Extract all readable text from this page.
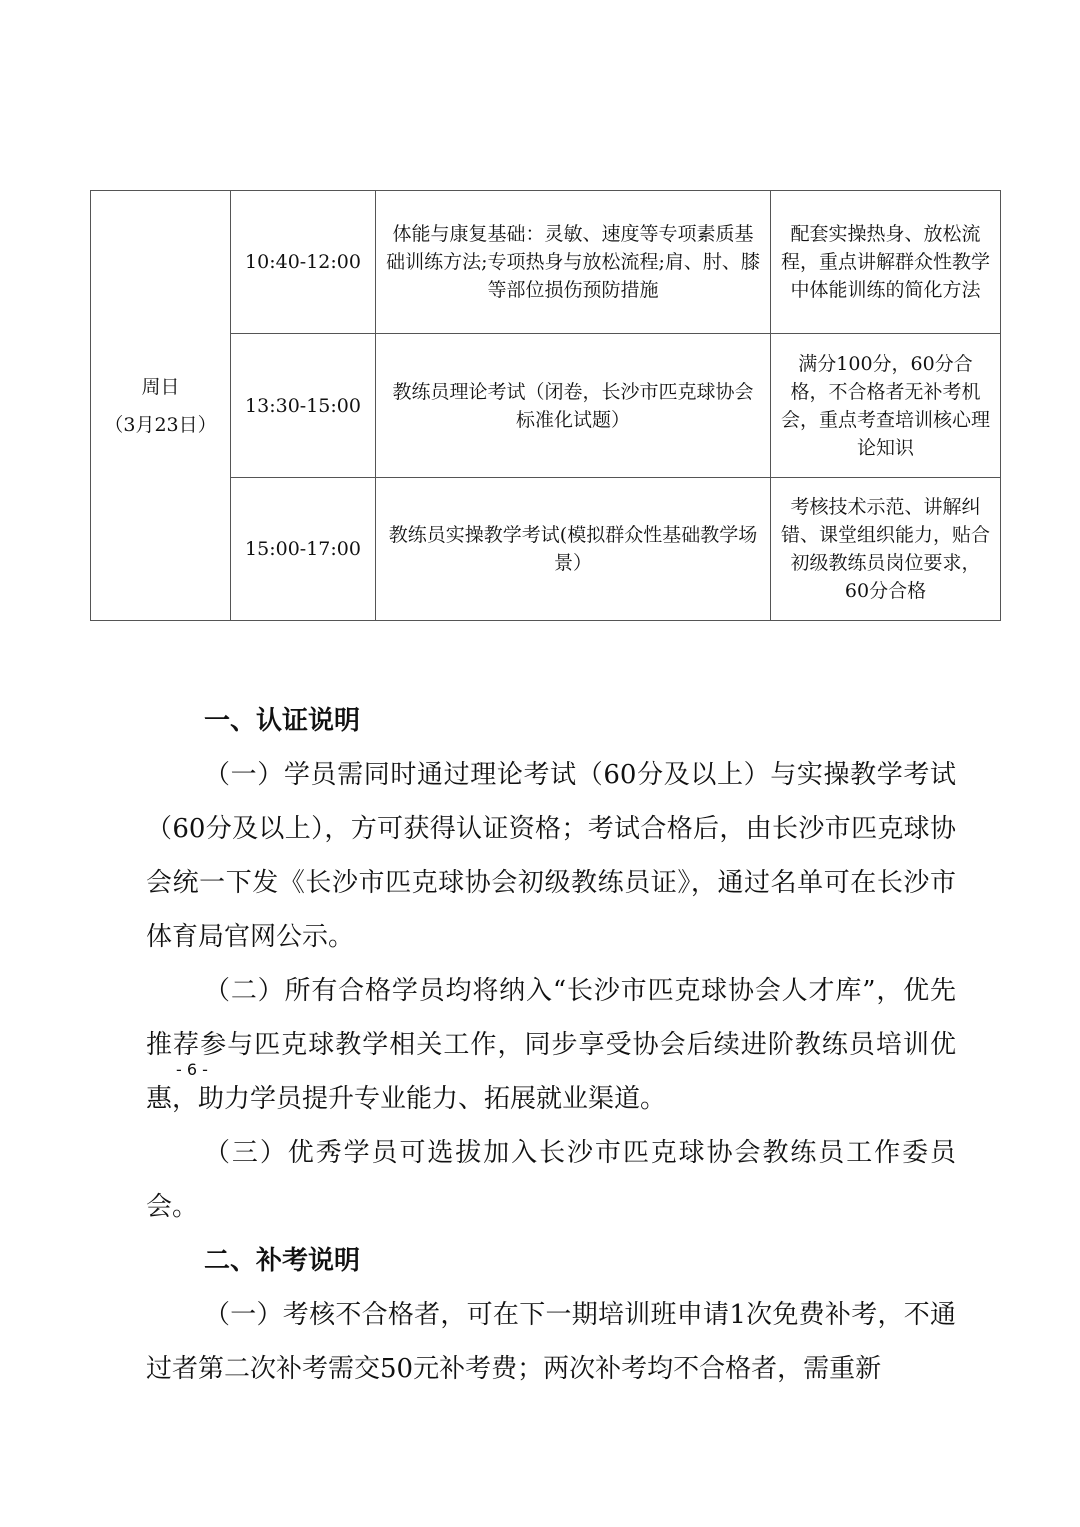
周日
（3月23日）	10:40-12:00	体能与康复基础：灵敏、速度等专项素质基础训练方法;专项热身与放松流程;肩、肘、膝等部位损伤预防措施	配套实操热身、放松流程，重点讲解群众性教学中体能训练的简化方法
	13:30-15:00	教练员理论考试（闭卷，长沙市匹克球协会标准化试题）	满分100分，60分合格，不合格者无补考机会，重点考查培训核心理论知识
	15:00-17:00	教练员实操教学考试(模拟群众性基础教学场景）	考核技术示范、讲解纠错、课堂组织能力，贴合初级教练员岗位要求，60分合格
一、认证说明

（一）学员需同时通过理论考试（60分及以上）与实操教学考试（60分及以上），方可获得认证资格；考试合格后，由长沙市匹克球协会统一下发《长沙市匹克球协会初级教练员证》，通过名单可在长沙市体育局官网公示。

（二）所有合格学员均将纳入“长沙市匹克球协会人才库”，优先推荐参与匹克球教学相关工作，同步享受协会后续进阶教练员培训优惠，助力学员提升专业能力、拓展就业渠道。

（三）优秀学员可选拔加入长沙市匹克球协会教练员工作委员会。

二、补考说明

（一）考核不合格者，可在下一期培训班申请1次免费补考，不通过者第二次补考需交50元补考费；两次补考均不合格者，需重新

- 6 -
